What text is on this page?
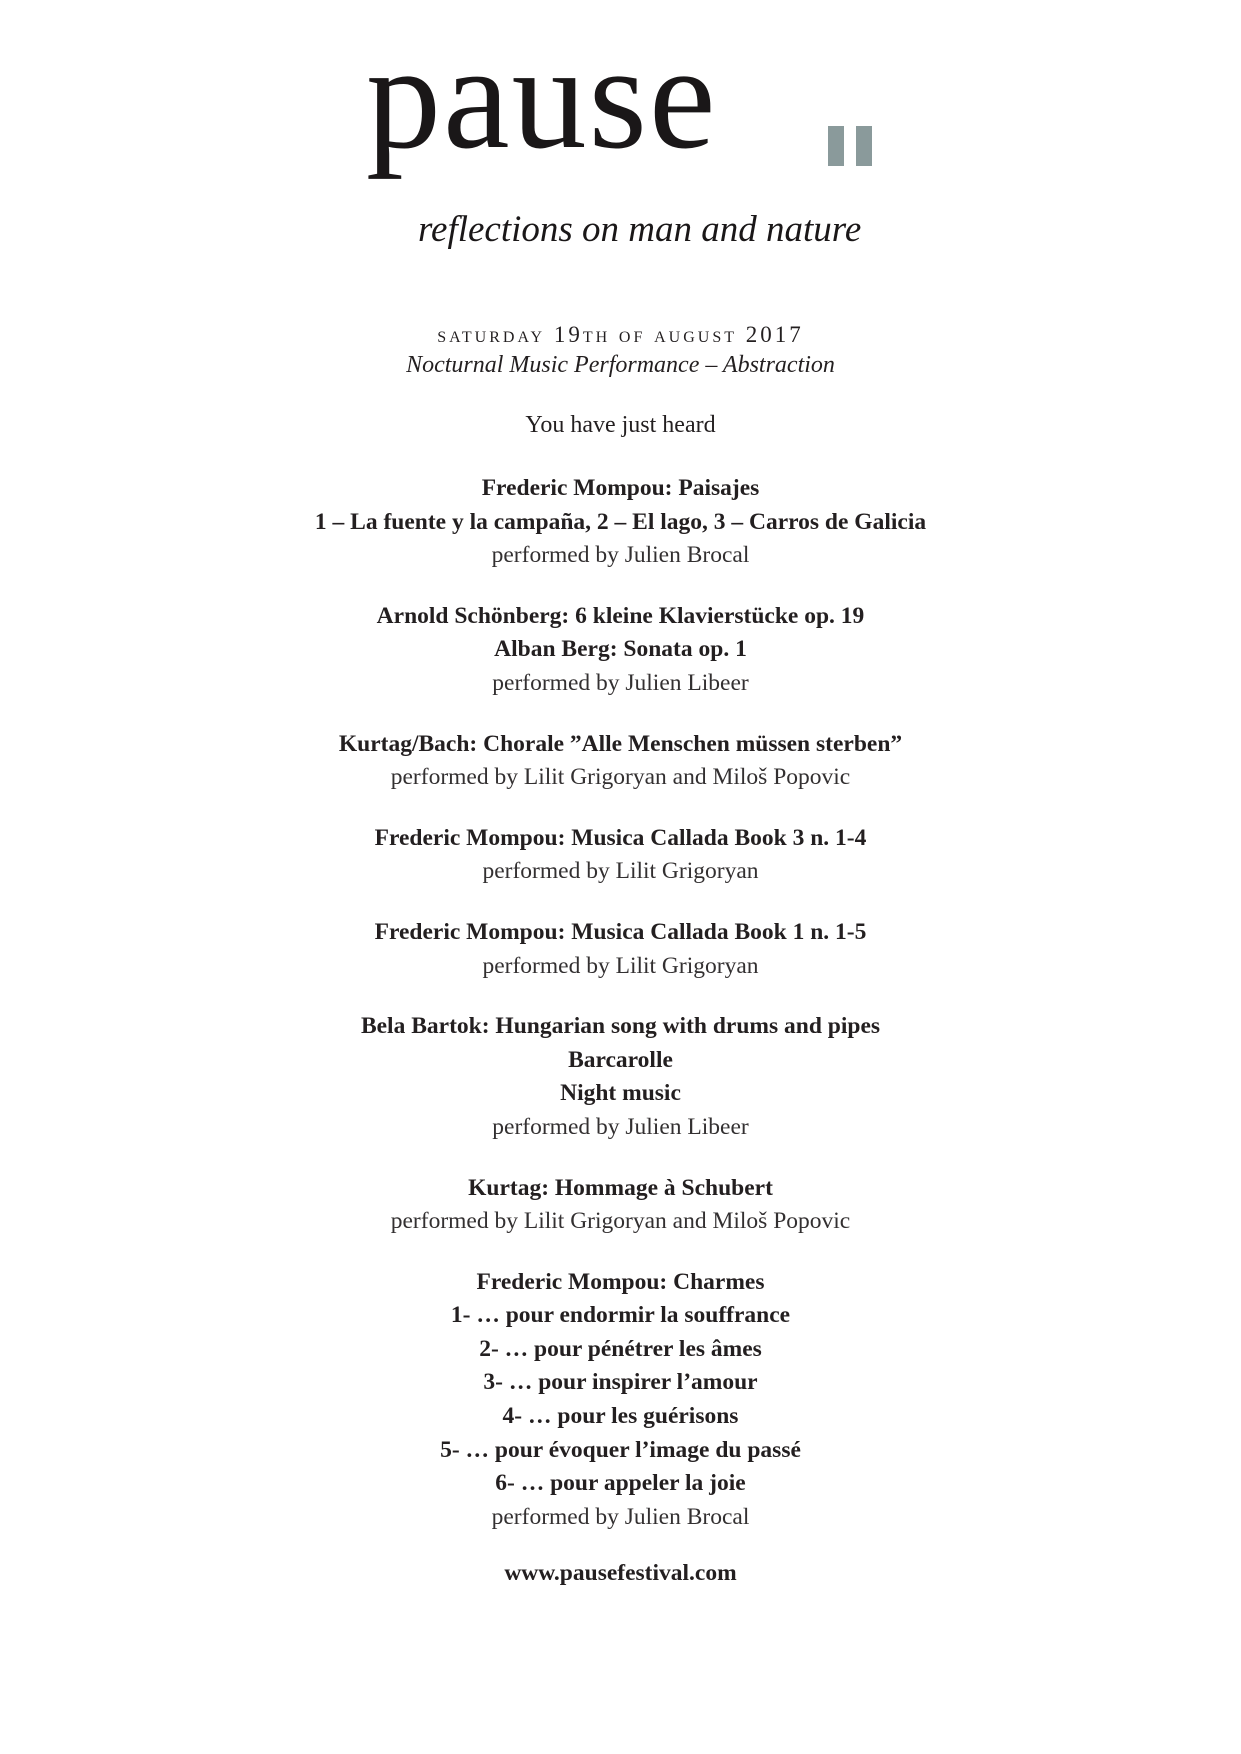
pause
reflections on man and nature
saturday 19th of august 2017
Nocturnal Music Performance – Abstraction
You have just heard
Frederic Mompou: Paisajes
1 – La fuente y la campaña, 2 – El lago, 3 – Carros de Galicia
performed by Julien Brocal
Arnold Schönberg: 6 kleine Klavierstücke op. 19
Alban Berg: Sonata op. 1
performed by Julien Libeer
Kurtag/Bach: Chorale ”Alle Menschen müssen sterben”
performed by Lilit Grigoryan and Miloš Popovic
Frederic Mompou: Musica Callada Book 3 n. 1-4
performed by Lilit Grigoryan
Frederic Mompou: Musica Callada Book 1 n. 1-5
performed by Lilit Grigoryan
Bela Bartok: Hungarian song with drums and pipes
Barcarolle
Night music
performed by Julien Libeer
Kurtag: Hommage à Schubert
performed by Lilit Grigoryan and Miloš Popovic
Frederic Mompou: Charmes
1- … pour endormir la souffrance
2- … pour pénétrer les âmes
3- … pour inspirer l’amour
4- … pour les guérisons
5- … pour évoquer l’image du passé
6- … pour appeler la joie
performed by Julien Brocal
www.pausefestival.com
